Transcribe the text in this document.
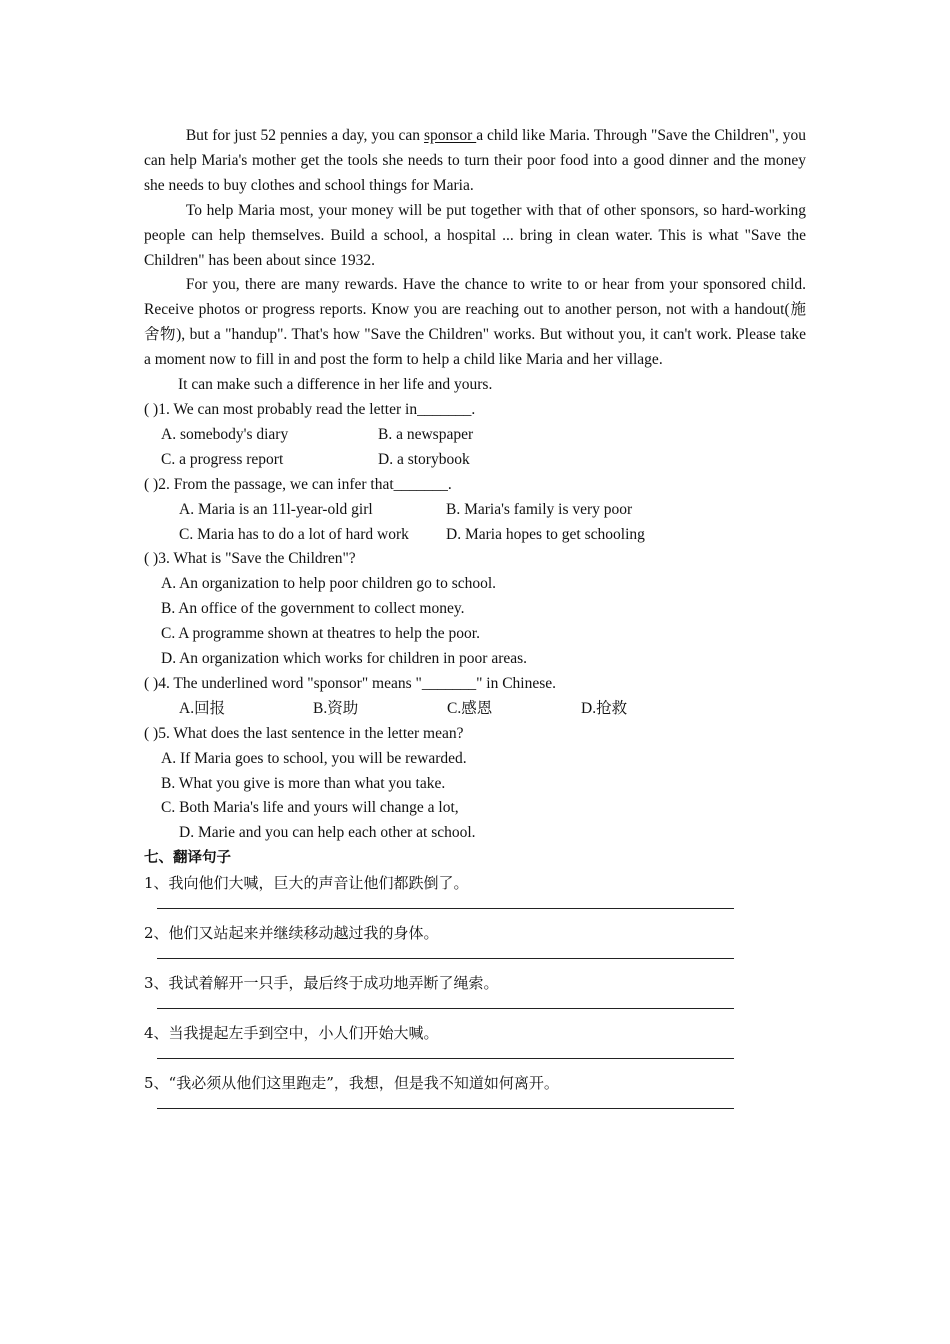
But for just 52 pennies a day, you can sponsor a child like Maria. Through "Save the Children", you can help Maria's mother get the tools she needs to turn their poor food into a good dinner and the money she needs to buy clothes and school things for Maria.

To help Maria most, your money will be put together with that of other sponsors, so hard-working people can help themselves. Build a school, a hospital ... bring in clean water. This is what "Save the Children" has been about since 1932.

For you, there are many rewards. Have the chance to write to or hear from your sponsored child. Receive photos or progress reports. Know you are reaching out to another person, not with a handout(施舍物), but a "handup". That's how "Save the Children" works. But without you, it can't work. Please take a moment now to fill in and post the form to help a child like Maria and her village.

It can make such a difference in her life and yours.

( )1. We can most probably read the letter in_______.

A. somebody's diary	B. a newspaper
C. a progress report	D. a storybook

( )2. From the passage, we can infer that_______.

A. Maria is an 11l-year-old girl	B. Maria's family is very poor
C. Maria has to do a lot of hard work	D. Maria hopes to get schooling

( )3. What is "Save the Children"?

A. An organization to help poor children go to school.

B. An office of the government to collect money.

C. A programme shown at theatres to help the poor.

D. An organization which works for children in poor areas.

( )4. The underlined word "sponsor" means "_______" in Chinese.

A.回报	B.资助	C.感恩	D.抢救

( )5. What does the last sentence in the letter mean?

A. If Maria goes to school, you will be rewarded.

B. What you give is more than what you take.

C. Both Maria's life and yours will change a lot,

D. Marie and you can help each other at school.

七、翻译句子

1、我向他们大喊，巨大的声音让他们都跌倒了。

2、他们又站起来并继续移动越过我的身体。

3、我试着解开一只手，最后终于成功地弄断了绳索。

4、当我提起左手到空中，小人们开始大喊。

5、“我必须从他们这里跑走”，我想，但是我不知道如何离开。
